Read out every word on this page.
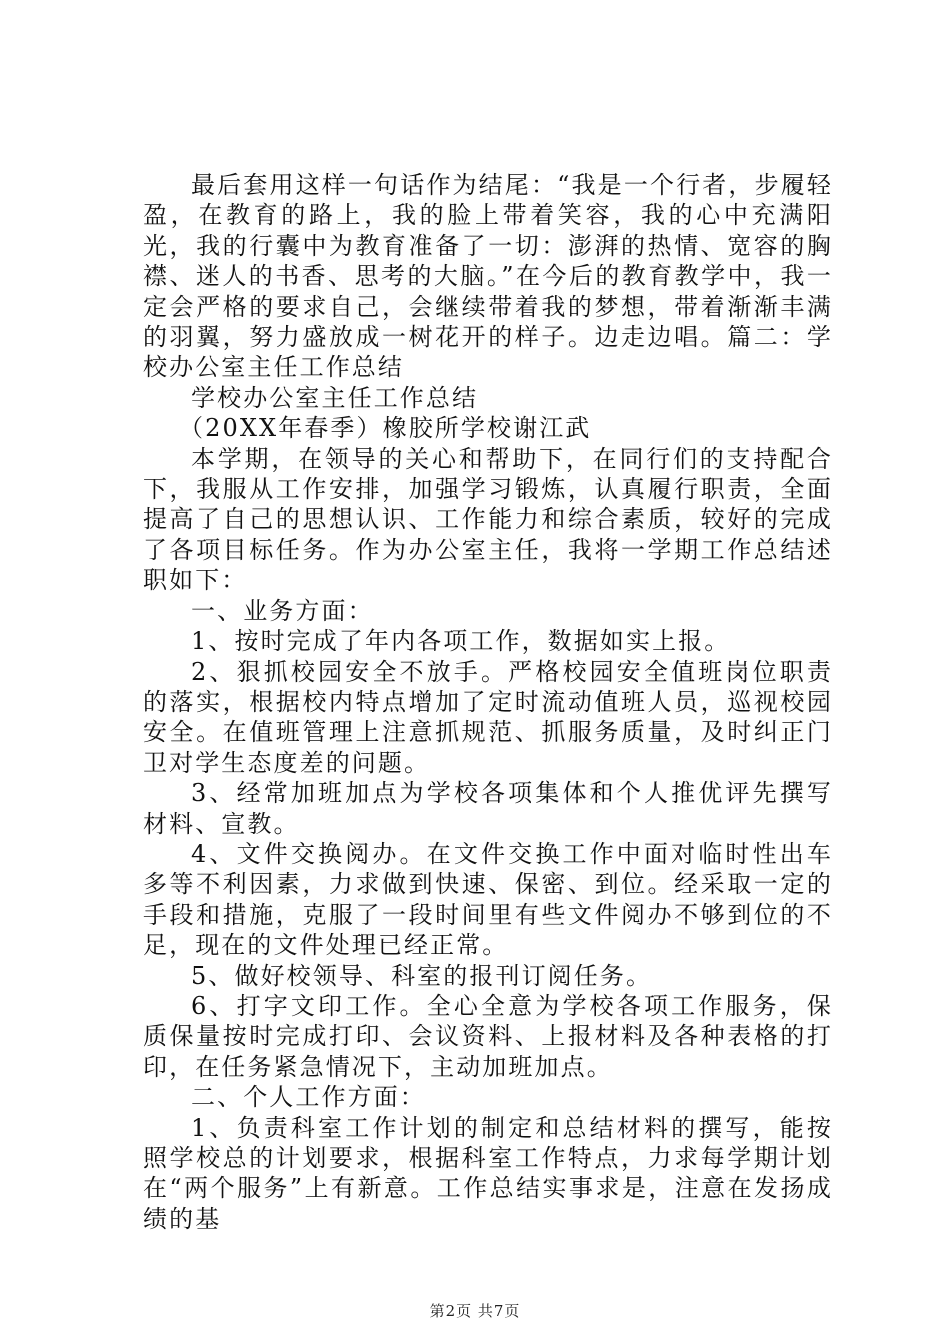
最后套用这样一句话作为结尾：“我是一个行者，步履轻盈，在教育的路上，我的脸上带着笑容，我的心中充满阳光，我的行囊中为教育准备了一切：澎湃的热情、宽容的胸襟、迷人的书香、思考的大脑。”在今后的教育教学中，我一定会严格的要求自己，会继续带着我的梦想，带着渐渐丰满的羽翼，努力盛放成一树花开的样子。边走边唱。篇二：学校办公室主任工作总结

学校办公室主任工作总结

（20XX年春季）橡胶所学校谢江武

本学期，在领导的关心和帮助下，在同行们的支持配合下，我服从工作安排，加强学习锻炼，认真履行职责，全面提高了自己的思想认识、工作能力和综合素质，较好的完成了各项目标任务。作为办公室主任，我将一学期工作总结述职如下：

一、业务方面：

1、按时完成了年内各项工作，数据如实上报。

2、狠抓校园安全不放手。严格校园安全值班岗位职责的落实，根据校内特点增加了定时流动值班人员，巡视校园安全。在值班管理上注意抓规范、抓服务质量，及时纠正门卫对学生态度差的问题。

3、经常加班加点为学校各项集体和个人推优评先撰写材料、宣教。

4、文件交换阅办。在文件交换工作中面对临时性出车多等不利因素，力求做到快速、保密、到位。经采取一定的手段和措施，克服了一段时间里有些文件阅办不够到位的不足，现在的文件处理已经正常。

5、做好校领导、科室的报刊订阅任务。

6、打字文印工作。全心全意为学校各项工作服务，保质保量按时完成打印、会议资料、上报材料及各种表格的打印，在任务紧急情况下，主动加班加点。

二、个人工作方面：

1、负责科室工作计划的制定和总结材料的撰写，能按照学校总的计划要求，根据科室工作特点，力求每学期计划在“两个服务”上有新意。工作总结实事求是，注意在发扬成绩的基

第2页 共7页
